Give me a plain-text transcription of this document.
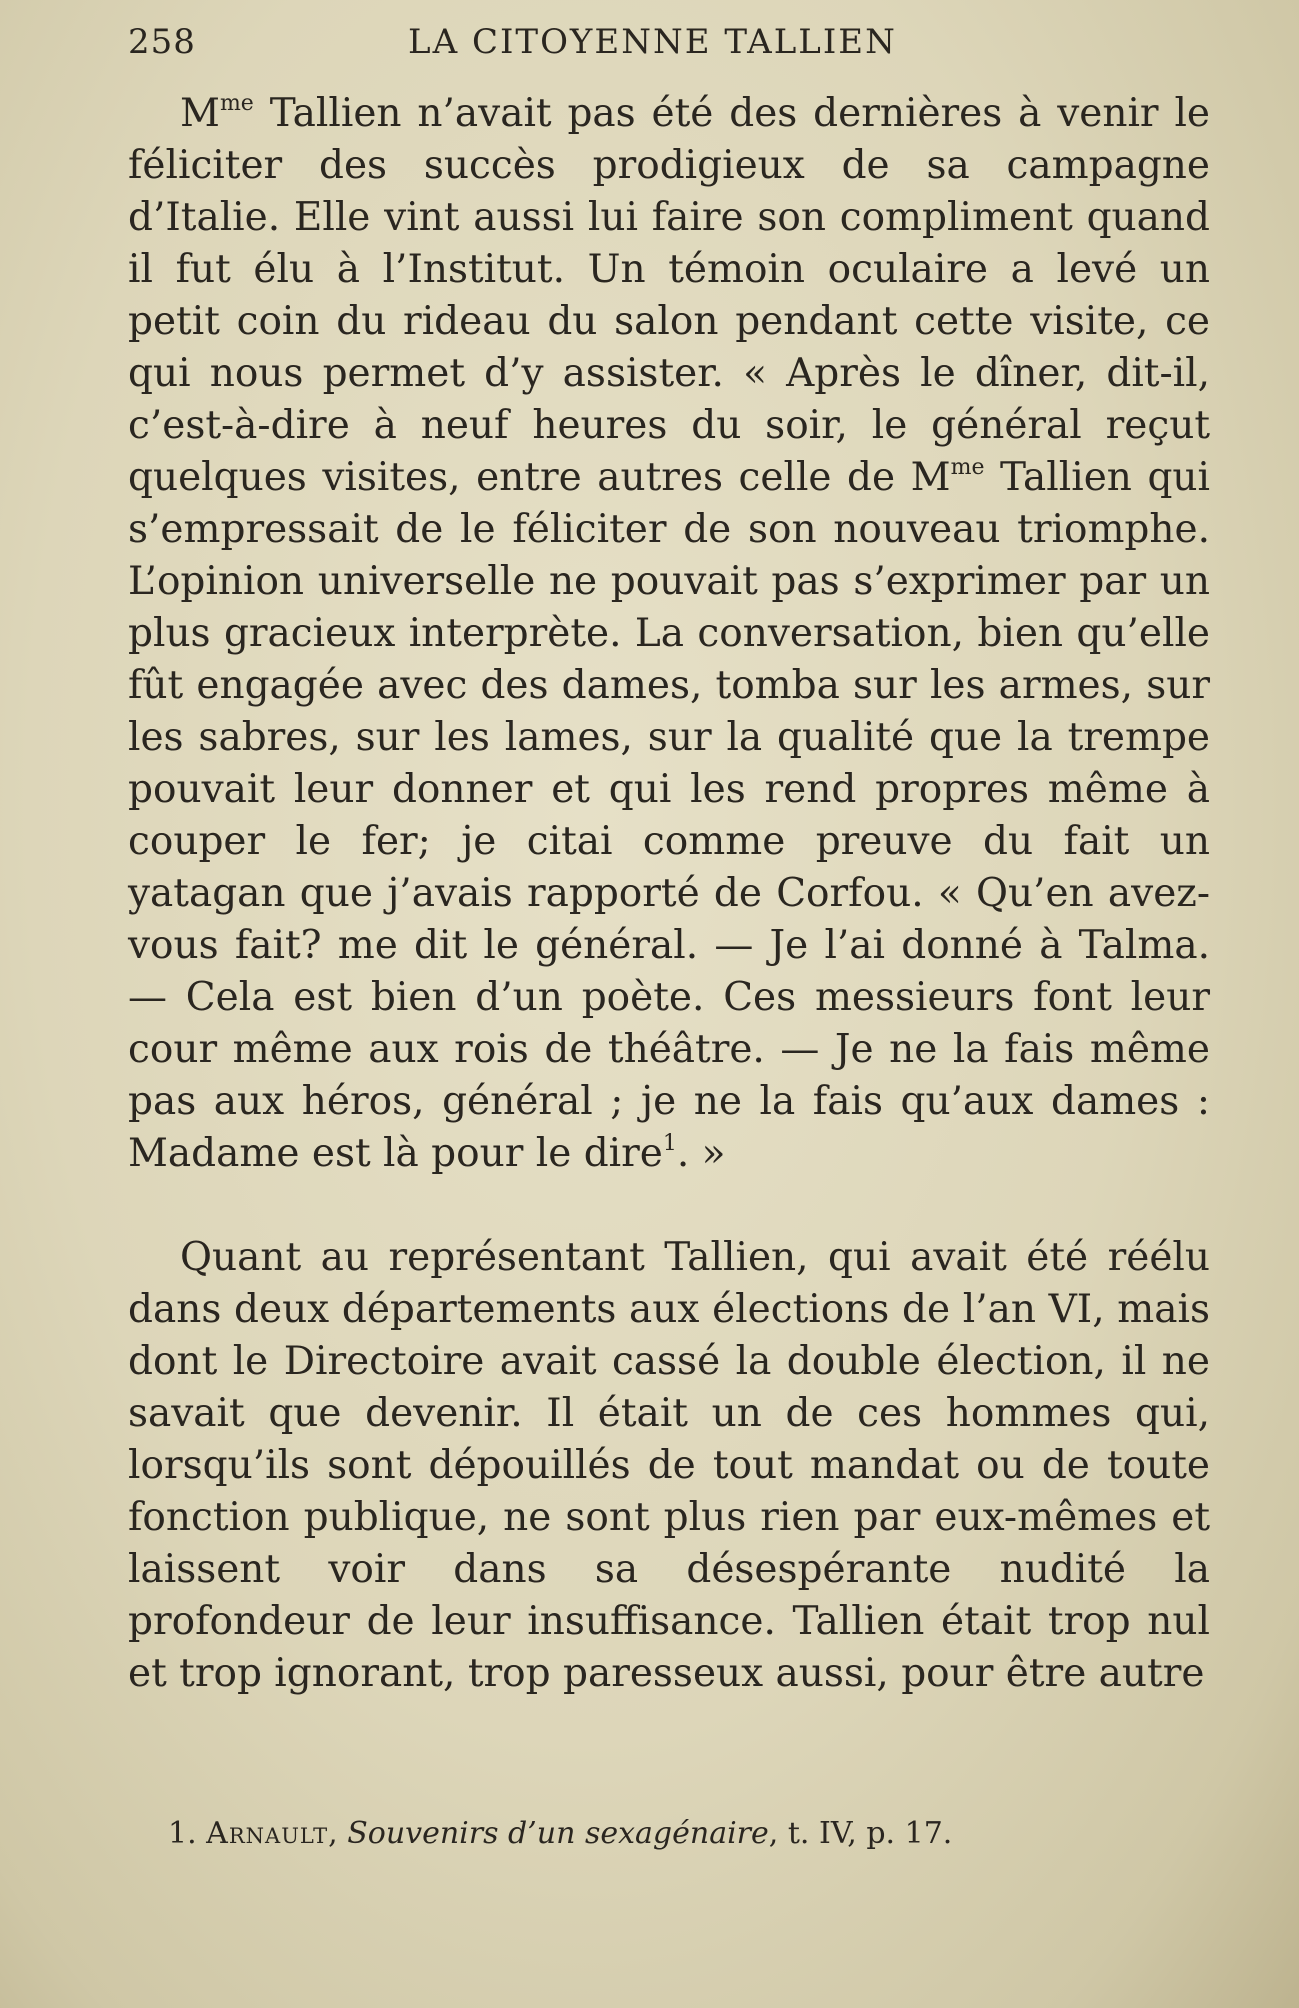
258	LA CITOYENNE TALLIEN

$M^{me}$ Tallien n’avait pas été des dernières à venir le féliciter des succès prodigieux de sa campagne d’Italie. Elle vint aussi lui faire son compliment quand il fut élu à l’Institut. Un témoin oculaire a levé un petit coin du rideau du salon pendant cette visite, ce qui nous permet d’y assister. « Après le dîner, dit-il, c’est-à-dire à neuf heures du soir, le général reçut quelques visites, entre autres celle de $M^{me}$ Tallien qui s’empressait de le féliciter de son nouveau triomphe. L’opinion universelle ne pouvait pas s’exprimer par un plus gracieux interprète. La conversation, bien qu’elle fût engagée avec des dames, tomba sur les armes, sur les sabres, sur les lames, sur la qualité que la trempe pouvait leur donner et qui les rend propres même à couper le fer; je citai comme preuve du fait un yatagan que j’avais rapporté de Corfou. « Qu’en avez-vous fait? me dit le général. — Je l’ai donné à Talma. — Cela est bien d’un poète. Ces messieurs font leur cour même aux rois de théâtre. — Je ne la fais même pas aux héros, général ; je ne la fais qu’aux dames : Madame est là pour le dire$^1$. »

Quant au représentant Tallien, qui avait été réélu dans deux départements aux élections de l’an VI, mais dont le Directoire avait cassé la double élection, il ne savait que devenir. Il était un de ces hommes qui, lorsqu’ils sont dépouillés de tout mandat ou de toute fonction publique, ne sont plus rien par eux-mêmes et laissent voir dans sa désespérante nudité la profondeur de leur insuffisance. Tallien était trop nul et trop ignorant, trop paresseux aussi, pour être autre

1. Arnault, Souvenirs d’un sexagénaire, t. IV, p. 17.
